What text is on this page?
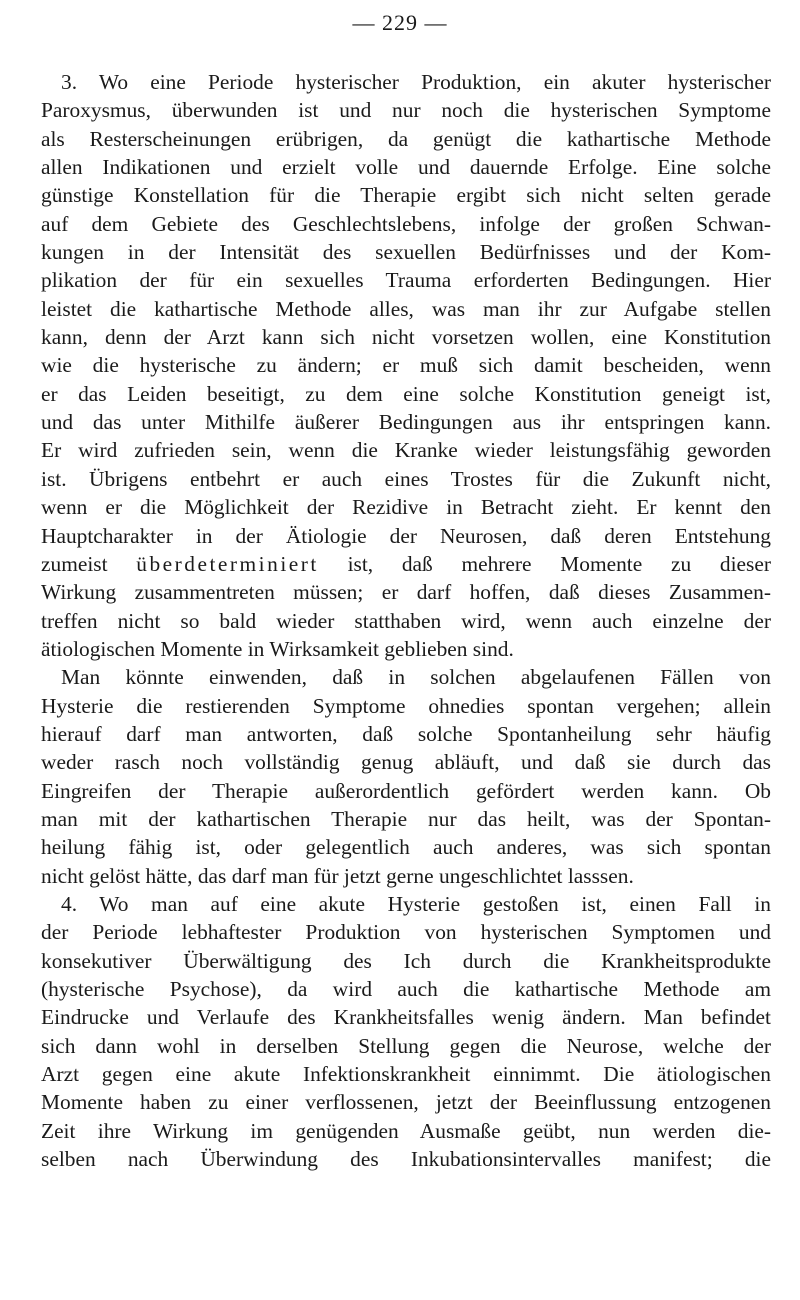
— 229 —
3. Wo eine Periode hysterischer Produktion, ein akuter hysterischer
Paroxysmus, überwunden ist und nur noch die hysterischen Symptome
als Resterscheinungen erübrigen, da genügt die kathartische Methode
allen Indikationen und erzielt volle und dauernde Erfolge. Eine solche
günstige Konstellation für die Therapie ergibt sich nicht selten gerade
auf dem Gebiete des Geschlechtslebens, infolge der großen Schwan-
kungen in der Intensität des sexuellen Bedürfnisses und der Kom-
plikation der für ein sexuelles Trauma erforderten Bedingungen. Hier
leistet die kathartische Methode alles, was man ihr zur Aufgabe stellen
kann, denn der Arzt kann sich nicht vorsetzen wollen, eine Konstitution
wie die hysterische zu ändern; er muß sich damit bescheiden, wenn
er das Leiden beseitigt, zu dem eine solche Konstitution geneigt ist,
und das unter Mithilfe äußerer Bedingungen aus ihr entspringen kann.
Er wird zufrieden sein, wenn die Kranke wieder leistungsfähig geworden
ist. Übrigens entbehrt er auch eines Trostes für die Zukunft nicht,
wenn er die Möglichkeit der Rezidive in Betracht zieht. Er kennt den
Hauptcharakter in der Ätiologie der Neurosen, daß deren Entstehung
zumeist überdeterminiert ist, daß mehrere Momente zu dieser
Wirkung zusammentreten müssen; er darf hoffen, daß dieses Zusammen-
treffen nicht so bald wieder statthaben wird, wenn auch einzelne der
ätiologischen Momente in Wirksamkeit geblieben sind.
Man könnte einwenden, daß in solchen abgelaufenen Fällen von
Hysterie die restierenden Symptome ohnedies spontan vergehen; allein
hierauf darf man antworten, daß solche Spontanheilung sehr häufig
weder rasch noch vollständig genug abläuft, und daß sie durch das
Eingreifen der Therapie außerordentlich gefördert werden kann. Ob
man mit der kathartischen Therapie nur das heilt, was der Spontan-
heilung fähig ist, oder gelegentlich auch anderes, was sich spontan
nicht gelöst hätte, das darf man für jetzt gerne ungeschlichtet lasssen.
4. Wo man auf eine akute Hysterie gestoßen ist, einen Fall in
der Periode lebhaftester Produktion von hysterischen Symptomen und
konsekutiver Überwältigung des Ich durch die Krankheitsprodukte
(hysterische Psychose), da wird auch die kathartische Methode am
Eindrucke und Verlaufe des Krankheitsfalles wenig ändern. Man befindet
sich dann wohl in derselben Stellung gegen die Neurose, welche der
Arzt gegen eine akute Infektionskrankheit einnimmt. Die ätiologischen
Momente haben zu einer verflossenen, jetzt der Beeinflussung entzogenen
Zeit ihre Wirkung im genügenden Ausmaße geübt, nun werden die-
selben nach Überwindung des Inkubationsintervalles manifest; die
